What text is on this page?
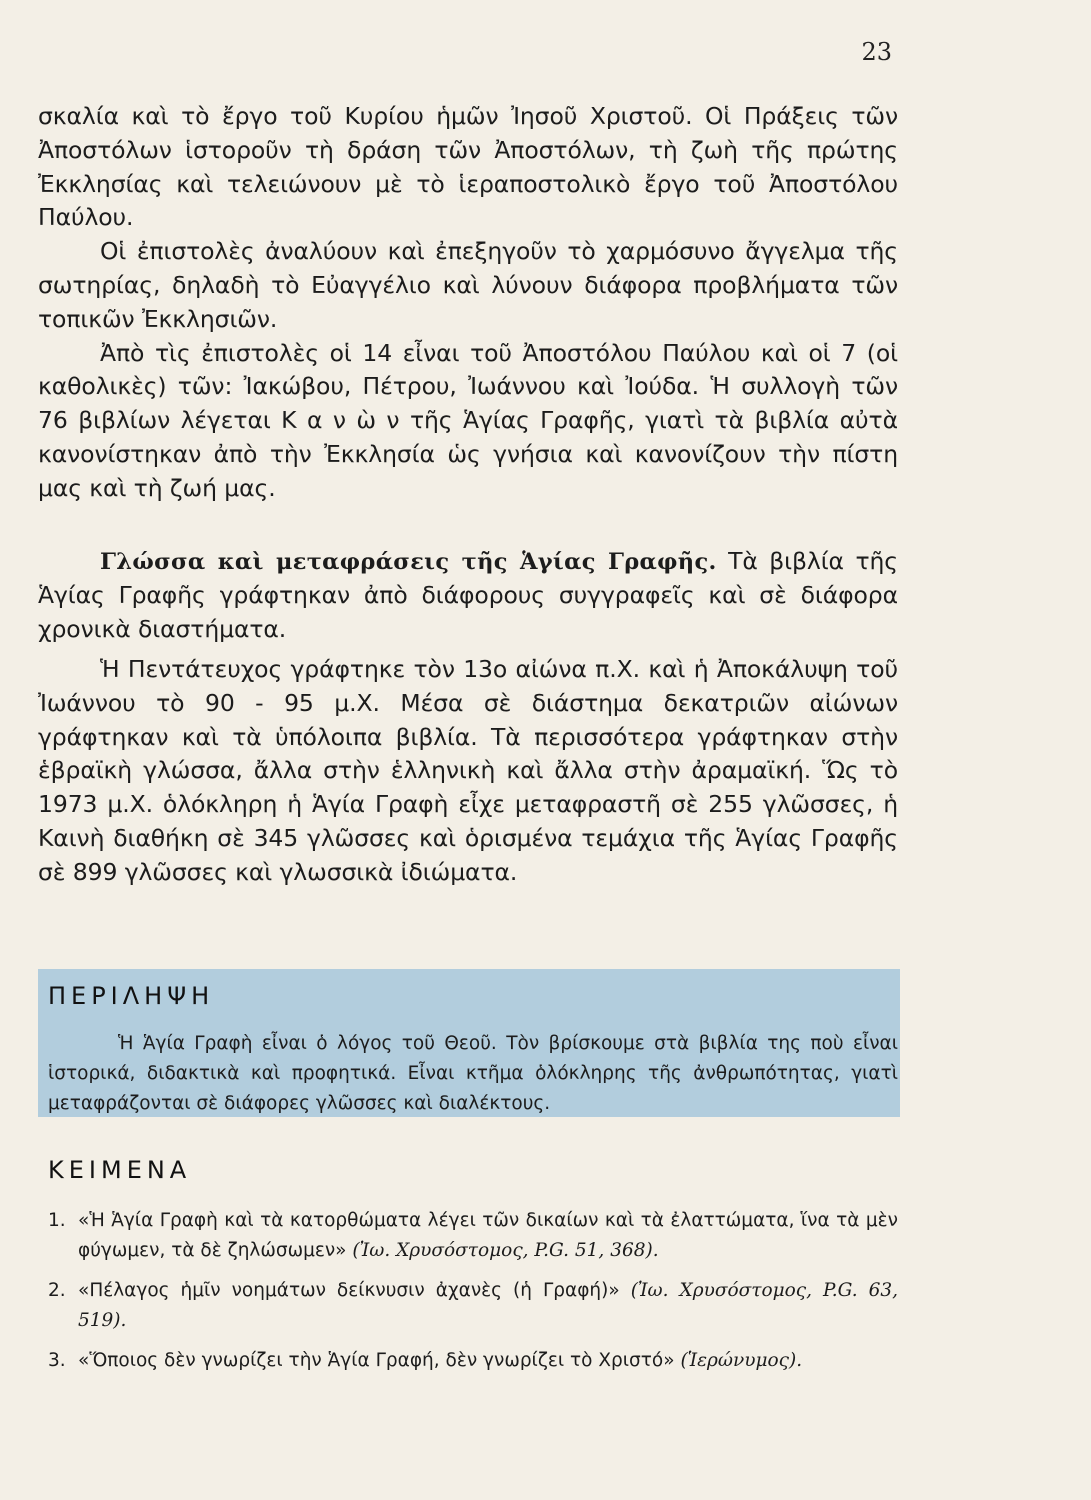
23

σκαλία καὶ τὸ ἔργο τοῦ Κυρίου ἡμῶν Ἰησοῦ Χριστοῦ. Οἱ Πράξεις τῶν Ἀποστόλων ἱστοροῦν τὴ δράση τῶν Ἀποστόλων, τὴ ζωὴ τῆς πρώτης Ἐκκλησίας καὶ τελειώνουν μὲ τὸ ἱεραποστολικὸ ἔργο τοῦ Ἀποστόλου Παύλου.

Οἱ ἐπιστολὲς ἀναλύουν καὶ ἐπεξηγοῦν τὸ χαρμόσυνο ἄγγελμα τῆς σωτηρίας, δηλαδὴ τὸ Εὐαγγέλιο καὶ λύνουν διάφορα προβλήματα τῶν τοπικῶν Ἐκκλησιῶν.

Ἀπὸ τὶς ἐπιστολὲς οἱ 14 εἶναι τοῦ Ἀποστόλου Παύλου καὶ οἱ 7 (οἱ καθολικὲς) τῶν: Ἰακώβου, Πέτρου, Ἰωάννου καὶ Ἰούδα. Ἡ συλλογὴ τῶν 76 βιβλίων λέγεται Κ α ν ὼ ν τῆς Ἁγίας Γραφῆς, γιατὶ τὰ βιβλία αὐτὰ κανονίστηκαν ἀπὸ τὴν Ἐκκλησία ὡς γνήσια καὶ κανονίζουν τὴν πίστη μας καὶ τὴ ζωή μας.

Γλώσσα καὶ μεταφράσεις τῆς Ἁγίας Γραφῆς. Τὰ βιβλία τῆς Ἁγίας Γραφῆς γράφτηκαν ἀπὸ διάφορους συγγραφεῖς καὶ σὲ διάφορα χρονικὰ διαστήματα.

Ἡ Πεντάτευχος γράφτηκε τὸν 13ο αἰώνα π.Χ. καὶ ἡ Ἀποκάλυψη τοῦ Ἰωάννου τὸ 90 - 95 μ.Χ. Μέσα σὲ διάστημα δεκατριῶν αἰώνων γράφτηκαν καὶ τὰ ὑπόλοιπα βιβλία. Τὰ περισσότερα γράφτηκαν στὴν ἑβραϊκὴ γλώσσα, ἄλλα στὴν ἑλληνικὴ καὶ ἄλλα στὴν ἀραμαϊκή. Ὥς τὸ 1973 μ.Χ. ὁλόκληρη ἡ Ἁγία Γραφὴ εἶχε μεταφραστῆ σὲ 255 γλῶσσες, ἡ Καινὴ διαθήκη σὲ 345 γλῶσσες καὶ ὁρισμένα τεμάχια τῆς Ἁγίας Γραφῆς σὲ 899 γλῶσσες καὶ γλωσσικὰ ἰδιώματα.

ΠΕΡΙΛΗΨΗ

Ἡ Ἁγία Γραφὴ εἶναι ὁ λόγος τοῦ Θεοῦ. Τὸν βρίσκουμε στὰ βιβλία της ποὺ εἶναι ἱστορικά, διδακτικὰ καὶ προφητικά. Εἶναι κτῆμα ὁλόκληρης τῆς ἀνθρωπότητας, γιατὶ μεταφράζονται σὲ διάφορες γλῶσσες καὶ διαλέκτους.

ΚΕΙΜΕΝΑ
1. «Ἡ Ἁγία Γραφὴ καὶ τὰ κατορθώματα λέγει τῶν δικαίων καὶ τὰ ἐλαττώματα, ἵνα τὰ μὲν φύγωμεν, τὰ δὲ ζηλώσωμεν» (Ἰω. Χρυσόστομος, P.G. 51, 368).
2. «Πέλαγος ἡμῖν νοημάτων δείκνυσιν ἀχανὲς (ἡ Γραφή)» (Ἰω. Χρυσόστομος, P.G. 63, 519).
3. «Ὅποιος δὲν γνωρίζει τὴν Ἁγία Γραφή, δὲν γνωρίζει τὸ Χριστό» (Ἱερώνυμος).
